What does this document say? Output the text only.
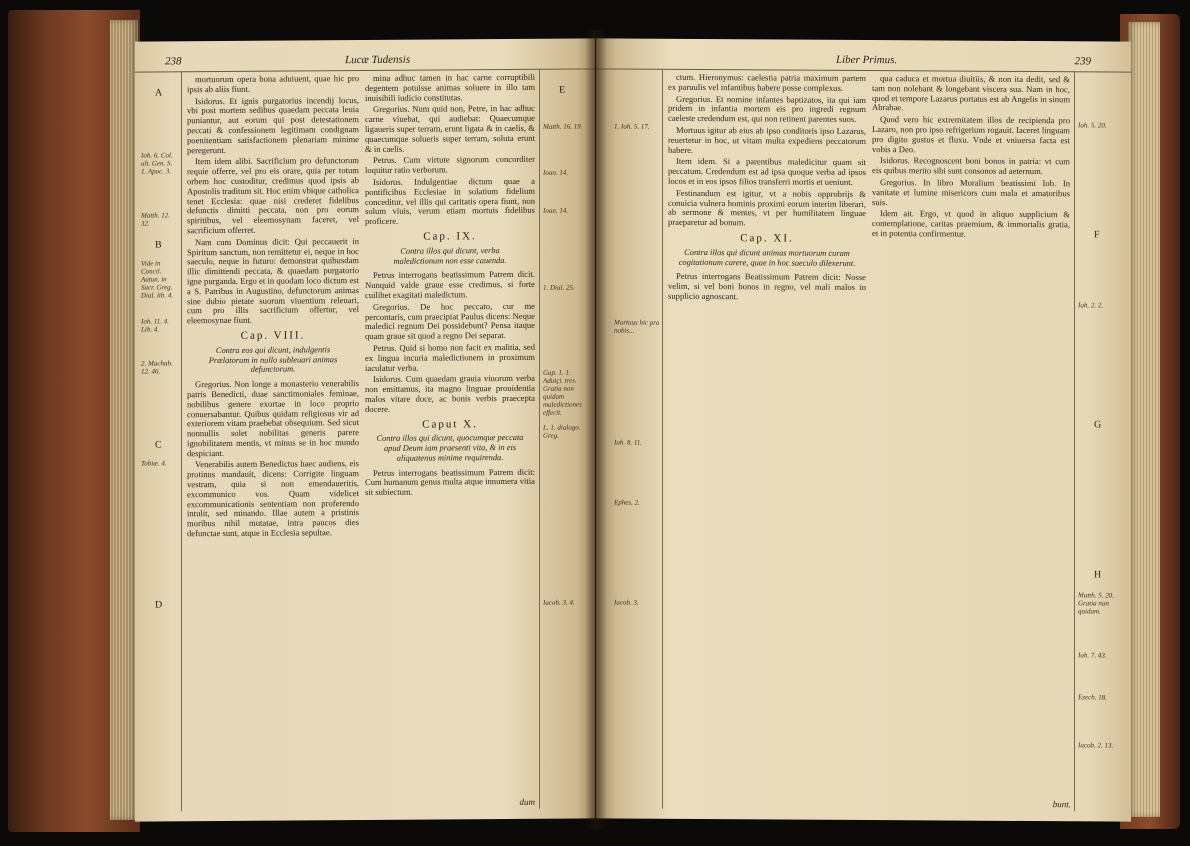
238	Lucæ Tudensis
A
Ioh. 6. Col. ult. Gen. S. 1. Apoc. 3.
Matth. 12. 32.
B
Vide in Concil. Autun. in Sacr. Greg. Dial. lib. 4.
Ioh. 11. 4. Lib. 4.
2. Machab. 12. 46.
C
Tobiæ. 4.
D

mortuorum opera bona aduiuent, quae hic pro ipsis ab aliis fiunt.

Isidorus. Et ignis purgatorius incendij locus, vbi post mortem sedibus quaedam peccata leuia puniantur, aut eorum qui post detestationem peccati & confessionem legitimam condignam poenitentiam satisfactionem plenariam minime peregerunt.

Item idem alibi. Sacrificium pro defunctorum requie offerre, vel pro eis orare, quia per totum orbem hoc custoditur, credimus quod ipsis ab Apostolis traditum sit. Hoc enim vbique catholica tenet Ecclesia: quae nisi crederet fidelibus defunctis dimitti peccata, non pro eorum spiritibus, vel eleemosynam faceret, vel sacrificium offerret.

Nam cum Dominus dicit: Qui peccauerit in Spiritum sanctum, non remittetur ei, neque in hoc saeculo, neque in futuro: demonstrat quibusdam illic dimittendi peccata, & quaedam purgatorio igne purganda. Ergo et in quodam loco dictum est a S. Patribus in Augustino, defunctorum animas sine dubio pietate suorum viuentium releuari, cum pro illis sacrificium offertur, vel eleemosynae fiunt.

Cap. VIII.
Contra eos qui dicunt, indulgentis Prælatorum in nullo subleuari animas defunctorum.

Gregorius. Non longe a monasterio venerabilis patris Benedicti, duae sanctimoniales feminae, nobilibus genere exortae in loco proprio conuersabantur. Quibus quidam religiosus vir ad exteriorem vitam praebebat obsequium. Sed sicut nonnullis solet nobilitas generis parere ignobilitatem mentis, vt minus se in hoc mundo despiciant.

Venerabilis autem Benedictus haec audiens, eis protinus mandauit, dicens: Corrigite linguam vestram, quia si non emendaueritis, excommunico vos. Quam videlicet excommunicationis sententiam non proferendo intulit, sed minando. Illae autem a pristinis moribus nihil mutatae, intra paucos dies defunctae sunt, atque in Ecclesia sepultae.

mina adhuc tamen in hac carne corruptibili degentem potuisse animas soluere in illo tam inuisibili iudicio constitutas.

Gregorius. Num quid non, Petre, in hac adhuc carne viuebat, qui audiebat: Quaecumque ligaueris super terram, erunt ligata & in caelis, & quaecumque solueris super terram, soluta erunt & in caelis.

Petrus. Cum virtute signorum concorditer loquitur ratio verborum.

Isidorus. Indulgentiae dictum quae a pontificibus Ecclesiae in solatium fidelium conceditur, vel illis qui caritatis opera fiunt, non solum viuis, verum etiam mortuis fidelibus proficere.

Cap. IX.
Contra illos qui dicunt, verba maledictionum non esse cauenda.

Petrus interrogans beatissimum Patrem dicit. Nunquid valde graue esse credimus, si forte cuilibet exagitati maledictum.

Gregorius. De hoc peccato, cur me percontaris, cum praecipiat Paulus dicens: Neque maledici regnum Dei possidebunt? Pensa itaque quam graue sit quod a regno Dei separat.

Petrus. Quid si homo non facit ex malitia, sed ex lingua incuria maledictionem in proximum iaculatur verba.

Isidorus. Cum quaedam grauia viuorum verba non emittamus, ita magno linguae prouidentia malos vitare doce, ac bonis verbis praecepta docere.

Caput X.
Contra illos qui dicunt, quocumque peccata apud Deum iam praesenti vita, & in eis aliquatenus minime requirenda.

Petrus interrogans beatissimum Patrem dicit: Cum humanum genus multa atque innumera vitia sit subiectum.

E
Matth. 16. 19.
Ioan. 14.
Ioan. 14.
1. Dial. 25.
Gap. 1. 1. Aduiçi. tres. Gratia non quidam maledictiones effecit.
L. 1. dialogo. Greg.
Iacob. 3. 4.
dum
Liber Primus.	239
1. Ioh. 5. 17.
Mortuus hic pro nobis...
Ioh. 8. 11.
Ephes. 2.
Iacob. 3.

ctum. Hieronymus: caelestia patria maximum partem ex paruulis vel infantibus habere posse complexus.

Gregorius. Et nomine infantes baptizatos, ita qui iam pridem in infantia mortem eis pro ingredi regnum caeleste credendum est, qui non retinent parentes suos.

Mortuus igitur ab eius ab ipso conditoris ipso Lazarus, reuertetur in hoc, ut vitam multa expediens peccatorum habere.

Item idem. Si a parentibus maledicitur quam sit peccatum. Credendum est ad ipsa quoque verba ad ipsos locos et in eos ipsos filios transferri mortis et ueniunt.

Festinandum est igitur, vt a nobis opprobrijs & conuicia vulnera hominis proximi eorum interim liberari, ab sermone & mentes, vt per humilitatem linguae praeparetur ad bonum.

Cap. XI.
Contra illos qui dicunt animas mortuorum curam cogitationum carere, quae in hoc saeculo dilexerunt.

Petrus interrogans Beatissimum Patrem dicit: Nosse velim, si vel boni bonos in regno, vel mali malos in supplicio agnoscant.

qua caduca et mortua diuitiis, & non ita dedit, sed & tam non nolebant & longebant viscera sua. Nam in hoc, quod et tempore Lazarus portatus est ab Angelis in sinum Abrahae.

Quod vero hic extremitatem illos de recipienda pro Lazaro, non pro ipso refrigerium rogauit. Iaceret linguam pro digito gustus et fluxu. Vnde et vniuersa facta est vobis a Deo.

Isidorus. Recognoscent boni bonos in patria: vt cum eis quibus merito sibi sunt consonos ad aeternum.

Gregorius. In libro Moralium beatissimi Iob. In vanitate et lumine misericors cum mala et amatoribus suis.

Idem ait. Ergo, vt quod in aliquo supplicium & contemplatione, caritas praemium, & immortalis gratia, et in potentia confirmentur.	F
Ioh. 5. 20.
Ioh. 2. 2.
G
H
Matth. 5. 20. Gratia non quidam.
Ioh. 7. 43.
Ezech. 18.
Iacob. 2. 13.
bunt.
